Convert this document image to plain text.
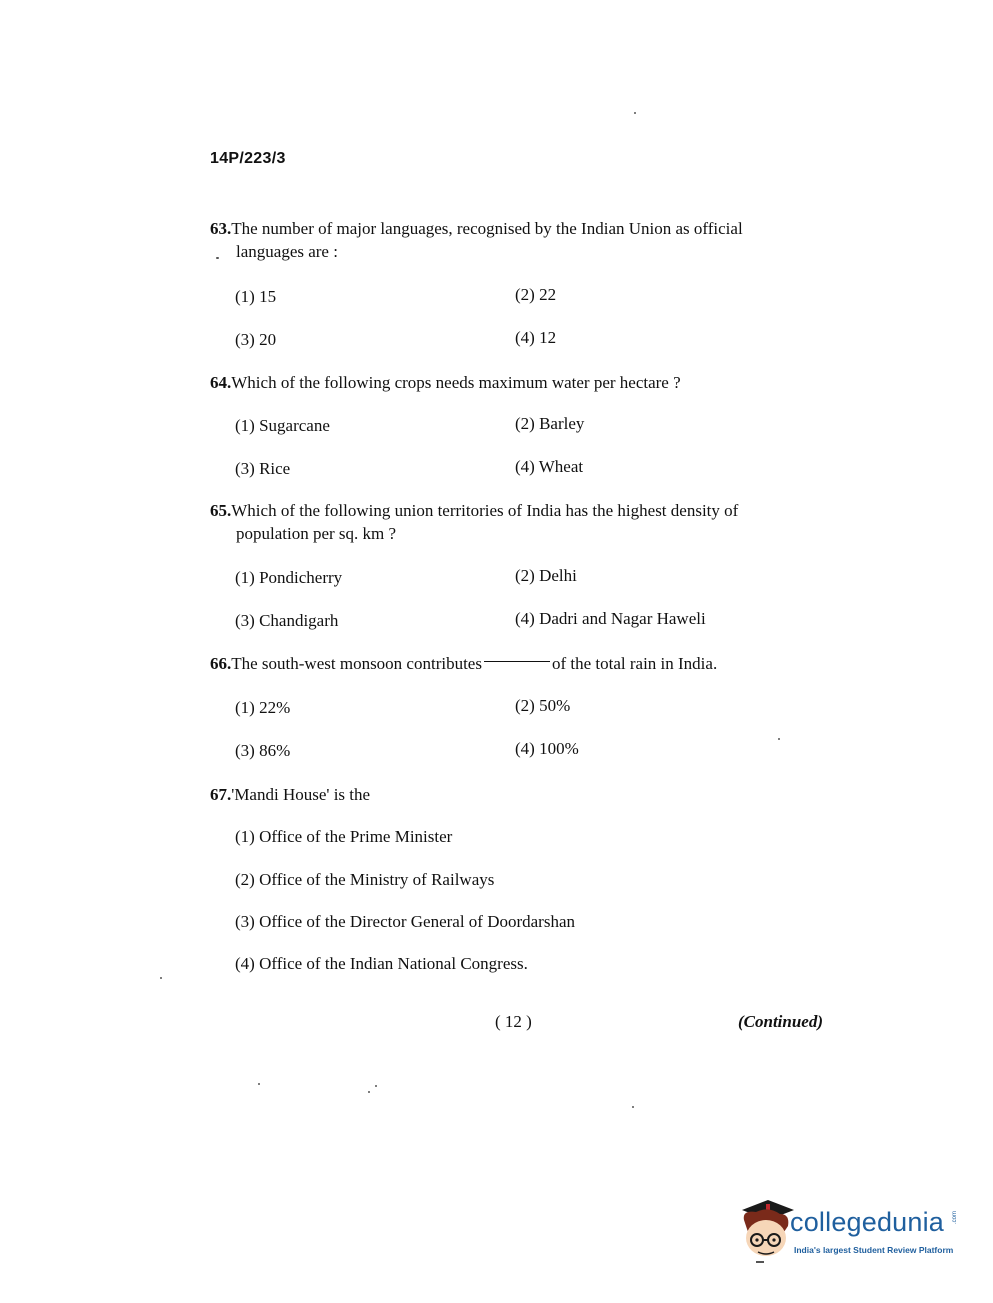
14P/223/3
63.The number of major languages, recognised by the Indian Union as official
languages are :
(1) 15	(2) 22
(3) 20	(4) 12
64.Which of the following crops needs maximum water per hectare ?
(1) Sugarcane	(2) Barley
(3) Rice	(4) Wheat
65.Which of the following union territories of India has the highest density of
population per sq. km ?
(1) Pondicherry	(2) Delhi
(3) Chandigarh	(4) Dadri and Nagar Haweli
66.The south-west monsoon contributes	of the total rain in India.
(1) 22%	(2) 50%
(3) 86%	(4) 100%
67.'Mandi House' is the
(1) Office of the Prime Minister
(2) Office of the Ministry of Railways
(3) Office of the Director General of Doordarshan
(4) Office of the Indian National Congress.
( 12 )	(Continued)
collegedunia .com
India's largest Student Review Platform
